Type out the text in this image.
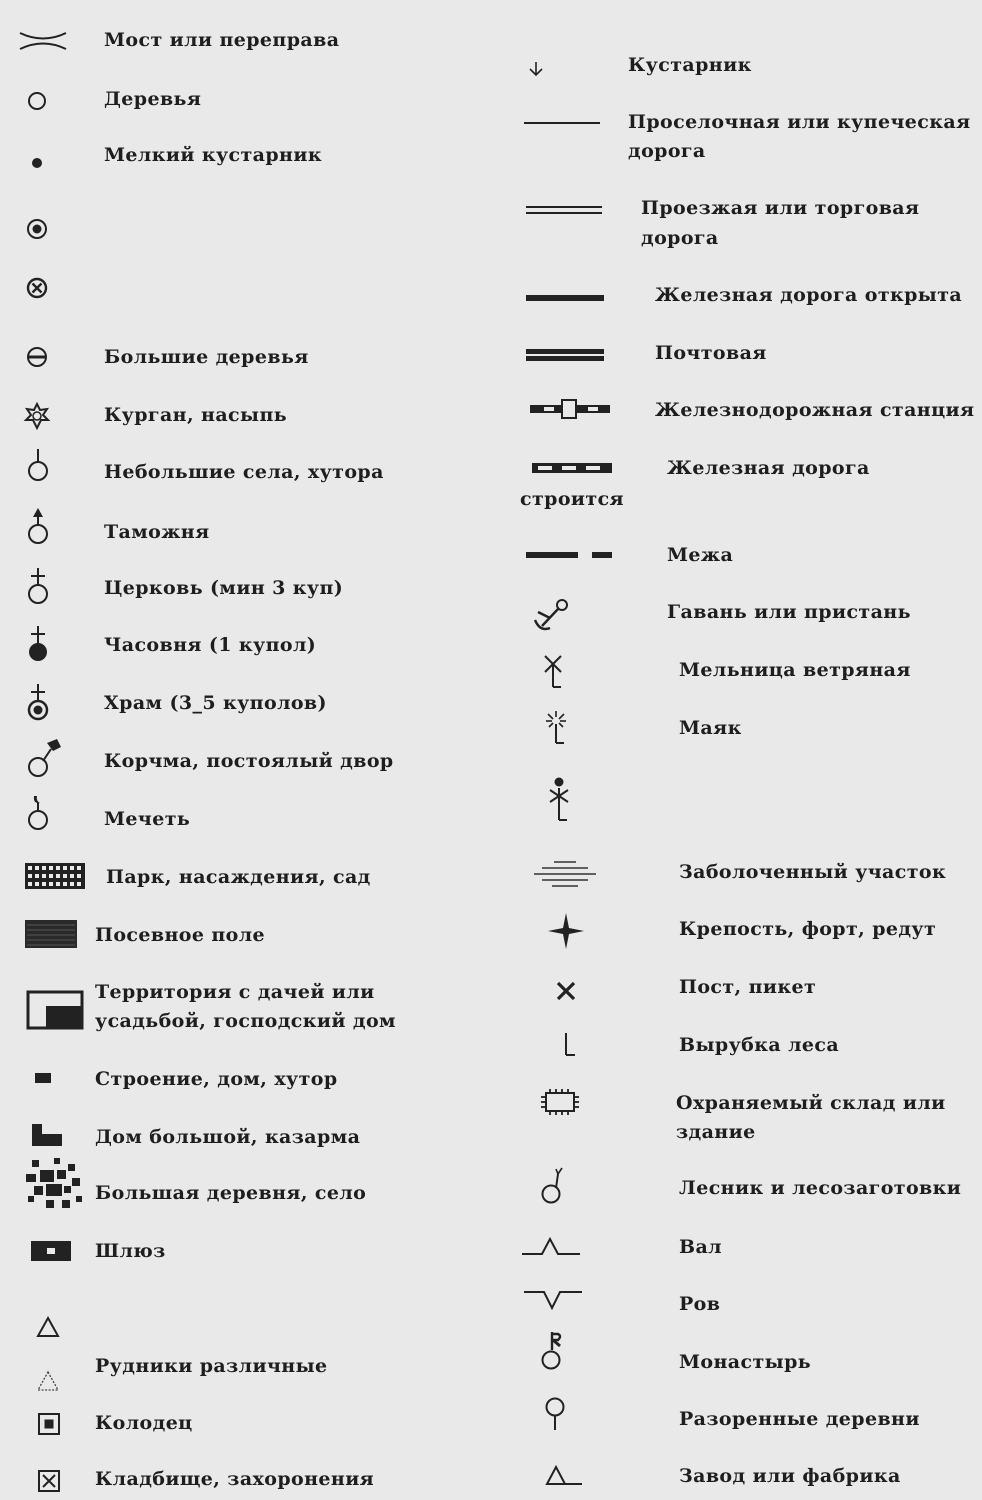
Мост или переправа
Деревья
Мелкий кустарник
Большие деревья
Курган, насыпь
Небольшие села, хутора
Таможня
Церковь (мин 3 куп)
Часовня (1 купол)
Храм (3_5 куполов)
Корчма, постоялый двор
Мечеть
Парк, насаждения, сад
Посевное поле
Территория с дачей или
усадьбой, господский дом
Строение, дом, хутор
Дом большой, казарма
Большая деревня, село
Шлюз
Рудники различные
Колодец
Кладбище, захоронения
Кустарник
Проселочная или купеческая
дорога
Проезжая или торговая
дорога
Железная дорога открыта
Почтовая
Железнодорожная станция
Железная дорога
строится
Межа
Гавань или пристань
Мельница ветряная
Маяк
Заболоченный участок
Крепость, форт, редут
Пост, пикет
Вырубка леса
Охраняемый склад или
здание
Лесник и лесозаготовки
Вал
Ров
Монастырь
Разоренные деревни
Завод или фабрика
